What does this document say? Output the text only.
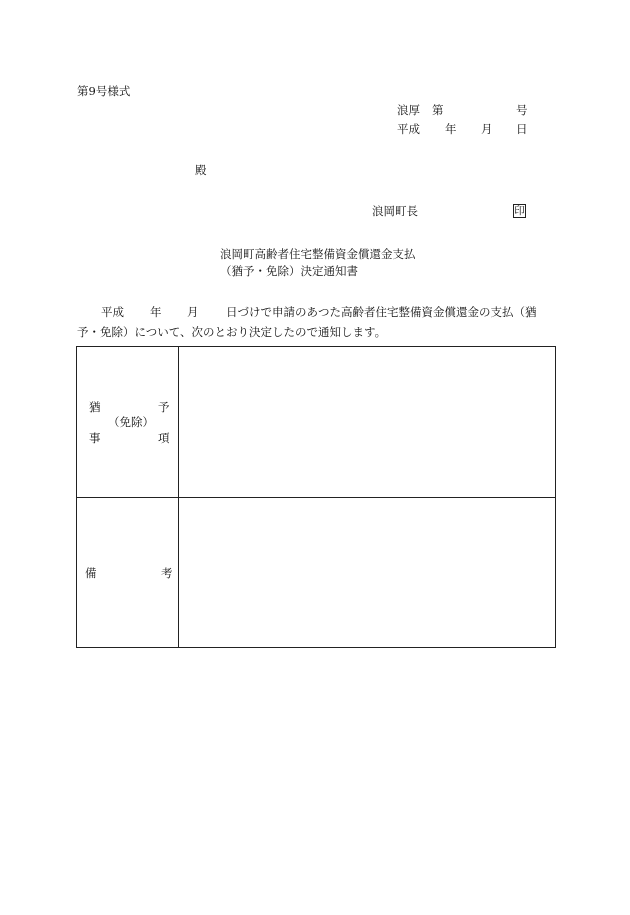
第9号様式
浪厚 第	号
平成 年 月 日
殿
浪岡町長	印
浪岡町高齢者住宅整備資金償還金支払
（猶予・免除）決定通知書
平成 年 月 日づけで申請のあつた高齢者住宅整備資金償還金の支払（猶
予・免除）について、次のとおり決定したので通知します。
猶	予
（免除）
事	項
備	考
